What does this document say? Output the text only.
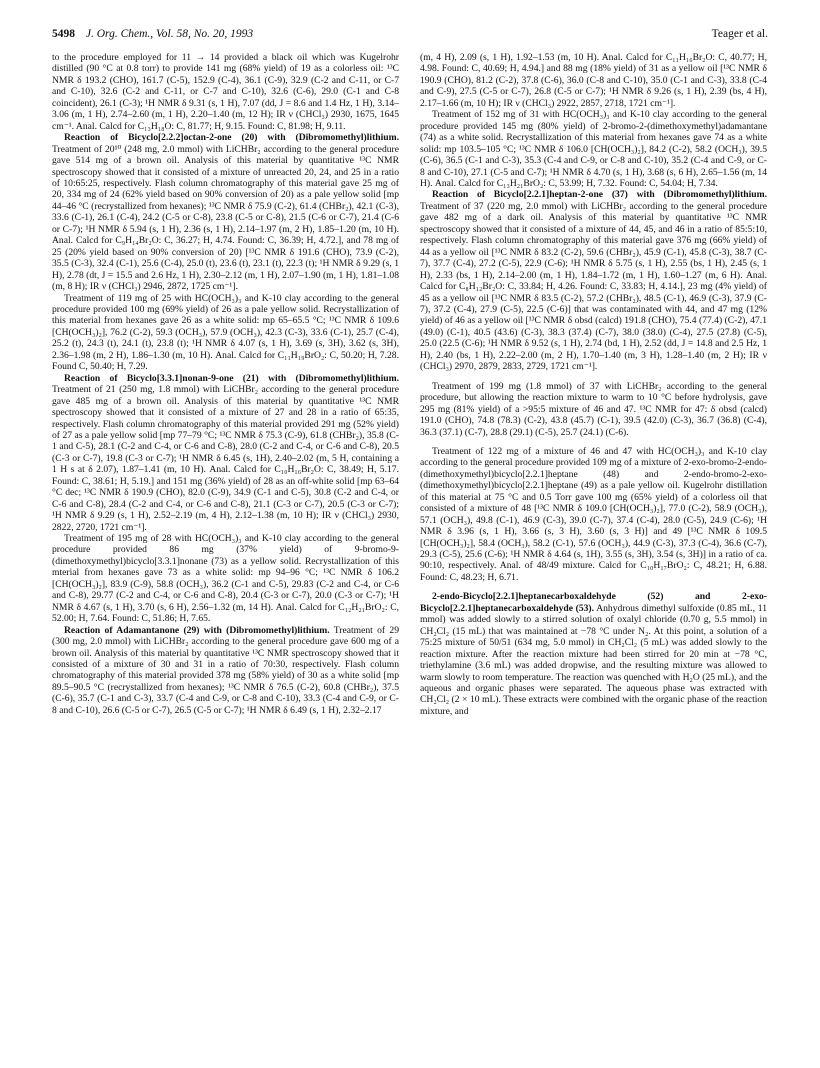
5498 J. Org. Chem., Vol. 58, No. 20, 1993	Teager et al.

to the procedure employed for 11 → 14 provided a black oil which was Kugelrohr distilled (90 °C at 0.8 torr) to provide 141 mg (68% yield) of 19 as a colorless oil: ¹³C NMR δ 193.2 (CHO), 161.7 (C-5), 152.9 (C-4), 36.1 (C-9), 32.9 (C-2 and C-11, or C-7 and C-10), 32.6 (C-2 and C-11, or C-7 and C-10), 32.6 (C-6), 29.0 (C-1 and C-8 coincident), 26.1 (C-3); ¹H NMR δ 9.31 (s, 1 H), 7.07 (dd, J = 8.6 and 1.4 Hz, 1 H), 3.14–3.06 (m, 1 H), 2.74–2.60 (m, 1 H), 2.20–1.40 (m, 12 H); IR ν (CHCl₃) 2930, 1675, 1645 cm⁻¹. Anal. Calcd for C₁₃H₁₈O: C, 81.77; H, 9.15. Found: C, 81.98; H, 9.11.

Reaction of Bicyclo[2.2.2]octan-2-one (20) with (Dibromomethyl)lithium. Treatment of 20¹⁰ (248 mg, 2.0 mmol) with LiCHBr₂ according to the general procedure gave 514 mg of a brown oil. Analysis of this material by quantitative ¹³C NMR spectroscopy showed that it consisted of a mixture of unreacted 20, 24, and 25 in a ratio of 10:65:25, respectively. Flash column chromatography of this material gave 25 mg of 20, 334 mg of 24 (62% yield based on 90% conversion of 20) as a pale yellow solid [mp 44–46 °C (recrystallized from hexanes); ¹³C NMR δ 75.9 (C-2), 61.4 (CHBr₂), 42.1 (C-3), 33.6 (C-1), 26.1 (C-4), 24.2 (C-5 or C-8), 23.8 (C-5 or C-8), 21.5 (C-6 or C-7), 21.4 (C-6 or C-7); ¹H NMR δ 5.94 (s, 1 H), 2.36 (s, 1 H), 2.14–1.97 (m, 2 H), 1.85–1.20 (m, 10 H). Anal. Calcd for C₉H₁₄Br₂O: C, 36.27; H, 4.74. Found: C, 36.39; H, 4.72.], and 78 mg of 25 (20% yield based on 90% conversion of 20) [¹³C NMR δ 191.6 (CHO), 73.9 (C-2), 35.5 (C-3), 32.4 (C-1), 25.6 (C-4), 25.0 (t), 23.6 (t), 23.1 (t), 22.3 (t); ¹H NMR δ 9.29 (s, 1 H), 2.78 (dt, J = 15.5 and 2.6 Hz, 1 H), 2.30–2.12 (m, 1 H), 2.07–1.90 (m, 1 H), 1.81–1.08 (m, 8 H); IR ν (CHCl₃) 2946, 2872, 1725 cm⁻¹].

Treatment of 119 mg of 25 with HC(OCH₃)₃ and K-10 clay according to the general procedure provided 100 mg (69% yield) of 26 as a pale yellow solid. Recrystallization of this material from hexanes gave 26 as a white solid: mp 65–65.5 °C; ¹³C NMR δ 109.6 [CH(OCH₃)₂], 76.2 (C-2), 59.3 (OCH₃), 57.9 (OCH₃), 42.3 (C-3), 33.6 (C-1), 25.7 (C-4), 25.2 (t), 24.3 (t), 24.1 (t), 23.8 (t); ¹H NMR δ 4.07 (s, 1 H), 3.69 (s, 3H), 3.62 (s, 3H), 2.36–1.98 (m, 2 H), 1.86–1.30 (m, 10 H). Anal. Calcd for C₁₁H₁₉BrO₂: C, 50.20; H, 7.28. Found C, 50.40; H, 7.29.

Reaction of Bicyclo[3.3.1]nonan-9-one (21) with (Dibromomethyl)lithium. Treatment of 21 (250 mg, 1.8 mmol) with LiCHBr₂ according to the general procedure gave 485 mg of a brown oil. Analysis of this material by quantitative ¹³C NMR spectroscopy showed that it consisted of a mixture of 27 and 28 in a ratio of 65:35, respectively. Flash column chromatography of this material provided 291 mg (52% yield) of 27 as a pale yellow solid [mp 77–79 °C; ¹³C NMR δ 75.3 (C-9), 61.8 (CHBr₂), 35.8 (C-1 and C-5), 28.1 (C-2 and C-4, or C-6 and C-8), 28.0 (C-2 and C-4, or C-6 and C-8), 20.5 (C-3 or C-7), 19.8 (C-3 or C-7); ¹H NMR δ 6.45 (s, 1H), 2.40–2.02 (m, 5 H, containing a 1 H s at δ 2.07), 1.87–1.41 (m, 10 H). Anal. Calcd for C₁₀H₁₆Br₂O: C, 38.49; H, 5.17. Found: C, 38.61; H, 5.19.] and 151 mg (36% yield) of 28 as an off-white solid [mp 63–64 °C dec; ¹³C NMR δ 190.9 (CHO), 82.0 (C-9), 34.9 (C-1 and C-5), 30.8 (C-2 and C-4, or C-6 and C-8), 28.4 (C-2 and C-4, or C-6 and C-8), 21.1 (C-3 or C-7), 20.5 (C-3 or C-7); ¹H NMR δ 9.29 (s, 1 H), 2.52–2.19 (m, 4 H), 2.12–1.38 (m, 10 H); IR ν (CHCl₃) 2930, 2822, 2720, 1721 cm⁻¹].

Treatment of 195 mg of 28 with HC(OCH₃)₃ and K-10 clay according to the general procedure provided 86 mg (37% yield) of 9-bromo-9-(dimethoxymethyl)bicyclo[3.3.1]nonane (73) as a yellow solid. Recrystallization of this mterial from hexanes gave 73 as a white solid: mp 94–96 °C; ¹³C NMR δ 106.2 [CH(OCH₃)₂], 83.9 (C-9), 58.8 (OCH₃), 36.2 (C-1 and C-5), 29.83 (C-2 and C-4, or C-6 and C-8), 29.77 (C-2 and C-4, or C-6 and C-8), 20.4 (C-3 or C-7), 20.0 (C-3 or C-7); ¹H NMR δ 4.67 (s, 1 H), 3.70 (s, 6 H), 2.56–1.32 (m, 14 H). Anal. Calcd for C₁₂H₂₁BrO₂: C, 52.00; H, 7.64. Found: C, 51.86; H, 7.65.

Reaction of Adamantanone (29) with (Dibromomethyl)lithium. Treatment of 29 (300 mg, 2.0 mmol) with LiCHBr₂ according to the general procedure gave 600 mg of a brown oil. Analysis of this material by quantitative ¹³C NMR spectroscopy showed that it consisted of a mixture of 30 and 31 in a ratio of 70:30, respectively. Flash column chromatography of this material provided 378 mg (58% yield) of 30 as a white solid [mp 89.5–90.5 °C (recrystallized from hexanes); ¹³C NMR δ 76.5 (C-2), 60.8 (CHBr₂), 37.5 (C-6), 35.7 (C-1 and C-3), 33.7 (C-4 and C-9, or C-8 and C-10), 33.3 (C-4 and C-9, or C-8 and C-10), 26.6 (C-5 or C-7), 26.5 (C-5 or C-7); ¹H NMR δ 6.49 (s, 1 H), 2.32–2.17

(m, 4 H), 2.09 (s, 1 H), 1.92–1.53 (m, 10 H). Anal. Calcd for C₁₁H₁₆Br₂O: C, 40.77; H, 4.98. Found: C, 40.69; H, 4.94.] and 88 mg (18% yield) of 31 as a yellow oil [¹³C NMR δ 190.9 (CHO), 81.2 (C-2), 37.8 (C-6), 36.0 (C-8 and C-10), 35.0 (C-1 and C-3), 33.8 (C-4 and C-9), 27.5 (C-5 or C-7), 26.8 (C-5 or C-7); ¹H NMR δ 9.26 (s, 1 H), 2.39 (bs, 4 H), 2.17–1.66 (m, 10 H); IR ν (CHCl₃) 2922, 2857, 2718, 1721 cm⁻¹].

Treatment of 152 mg of 31 with HC(OCH₃)₃ and K-10 clay according to the general procedure provided 145 mg (80% yield) of 2-bromo-2-(dimethoxymethyl)adamantane (74) as a white solid. Recrystallization of this material from hexanes gave 74 as a white solid: mp 103.5–105 °C; ¹³C NMR δ 106.0 [CH(OCH₃)₂], 84.2 (C-2), 58.2 (OCH₃), 39.5 (C-6), 36.5 (C-1 and C-3), 35.3 (C-4 and C-9, or C-8 and C-10), 35.2 (C-4 and C-9, or C-8 and C-10), 27.1 (C-5 and C-7); ¹H NMR δ 4.70 (s, 1 H), 3.68 (s, 6 H), 2.65–1.56 (m, 14 H). Anal. Calcd for C₁₃H₂₁BrO₂: C, 53.99; H, 7.32. Found: C, 54.04; H, 7.34.

Reaction of Bicyclo[2.2.1]heptan-2-one (37) with (Dibromomethyl)lithium. Treatment of 37 (220 mg, 2.0 mmol) with LiCHBr₂ according to the general procedure gave 482 mg of a dark oil. Analysis of this material by quantitative ¹³C NMR spectroscopy showed that it consisted of a mixture of 44, 45, and 46 in a ratio of 85:5:10, respectively. Flash column chromatography of this material gave 376 mg (66% yield) of 44 as a yellow oil [¹³C NMR δ 83.2 (C-2), 59.6 (CHBr₂), 45.9 (C-1), 45.8 (C-3), 38.7 (C-7), 37.7 (C-4), 27.2 (C-5), 22.9 (C-6); ¹H NMR δ 5.75 (s, 1 H), 2.55 (bs, 1 H), 2.45 (s, 1 H), 2.33 (bs, 1 H), 2.14–2.00 (m, 1 H), 1.84–1.72 (m, 1 H), 1.60–1.27 (m, 6 H). Anal. Calcd for C₈H₁₂Br₂O: C, 33.84; H, 4.26. Found: C, 33.83; H, 4.14.], 23 mg (4% yield) of 45 as a yellow oil [¹³C NMR δ 83.5 (C-2), 57.2 (CHBr₂), 48.5 (C-1), 46.9 (C-3), 37.9 (C-7), 37.2 (C-4), 27.9 (C-5), 22.5 (C-6)] that was contaminated with 44, and 47 mg (12% yield) of 46 as a yellow oil [¹³C NMR δ obsd (calcd) 191.8 (CHO), 75.4 (77.4) (C-2), 47.1 (49.0) (C-1), 40.5 (43.6) (C-3), 38.3 (37.4) (C-7), 38.0 (38.0) (C-4), 27.5 (27.8) (C-5), 25.0 (22.5 (C-6); ¹H NMR δ 9.52 (s, 1 H), 2.74 (bd, 1 H), 2.52 (dd, J = 14.8 and 2.5 Hz, 1 H), 2.40 (bs, 1 H), 2.22–2.00 (m, 2 H), 1.70–1.40 (m, 3 H), 1.28–1.40 (m, 2 H); IR ν (CHCl₃) 2970, 2879, 2833, 2729, 1721 cm⁻¹].

Treatment of 199 mg (1.8 mmol) of 37 with LiCHBr₂ according to the general procedure, but allowing the reaction mixture to warm to 10 °C before hydrolysis, gave 295 mg (81% yield) of a >95:5 mixture of 46 and 47. ¹³C NMR for 47: δ obsd (calcd) 191.0 (CHO), 74.8 (78.3) (C-2), 43.8 (45.7) (C-1), 39.5 (42.0) (C-3), 36.7 (36.8) (C-4), 36.3 (37.1) (C-7), 28.8 (29.1) (C-5), 25.7 (24.1) (C-6).

Treatment of 122 mg of a mixture of 46 and 47 with HC(OCH₃)₃ and K-10 clay according to the general procedure provided 109 mg of a mixture of 2-exo-bromo-2-endo-(dimethoxymethyl)bicyclo[2.2.1]heptane (48) and 2-endo-bromo-2-exo-(dimethoxymethyl)bicyclo[2.2.1]heptane (49) as a pale yellow oil. Kugelrohr distillation of this material at 75 °C and 0.5 Torr gave 100 mg (65% yield) of a colorless oil that consisted of a mixture of 48 [¹³C NMR δ 109.0 [CH(OCH₃)₂], 77.0 (C-2), 58.9 (OCH₃), 57.1 (OCH₃), 49.8 (C-1), 46.9 (C-3), 39.0 (C-7), 37.4 (C-4), 28.0 (C-5), 24.9 (C-6); ¹H NMR δ 3.96 (s, 1 H), 3.66 (s, 3 H), 3.60 (s, 3 H)] and 49 [¹³C NMR δ 109.5 [CH(OCH₃)₂], 58.4 (OCH₃), 58.2 (C-1), 57.6 (OCH₃), 44.9 (C-3), 37.3 (C-4), 36.6 (C-7), 29.3 (C-5), 25.6 (C-6); ¹H NMR δ 4.64 (s, 1H), 3.55 (s, 3H), 3.54 (s, 3H)] in a ratio of ca. 90:10, respectively. Anal. of 48/49 mixture. Calcd for C₁₀H₁₇BrO₂: C, 48.21; H, 6.88. Found: C, 48.23; H, 6.71.

2-endo-Bicyclo[2.2.1]heptanecarboxaldehyde (52) and 2-exo-Bicyclo[2.2.1]heptanecarboxaldehyde (53). Anhydrous dimethyl sulfoxide (0.85 mL, 11 mmol) was added slowly to a stirred solution of oxalyl chloride (0.70 g, 5.5 mmol) in CH₂Cl₂ (15 mL) that was maintained at −78 °C under N₂. At this point, a solution of a 75:25 mixture of 50/51 (634 mg, 5.0 mmol) in CH₂Cl₂ (5 mL) was added slowly to the reaction mixture. After the reaction mixture had been stirred for 20 min at −78 °C, triethylamine (3.6 mL) was added dropwise, and the resulting mixture was allowed to warm slowly to room temperature. The reaction was quenched with H₂O (25 mL), and the aqueous and organic phases were separated. The aqueous phase was extracted with CH₂Cl₂ (2 × 10 mL). These extracts were combined with the organic phase of the reaction mixture, and
